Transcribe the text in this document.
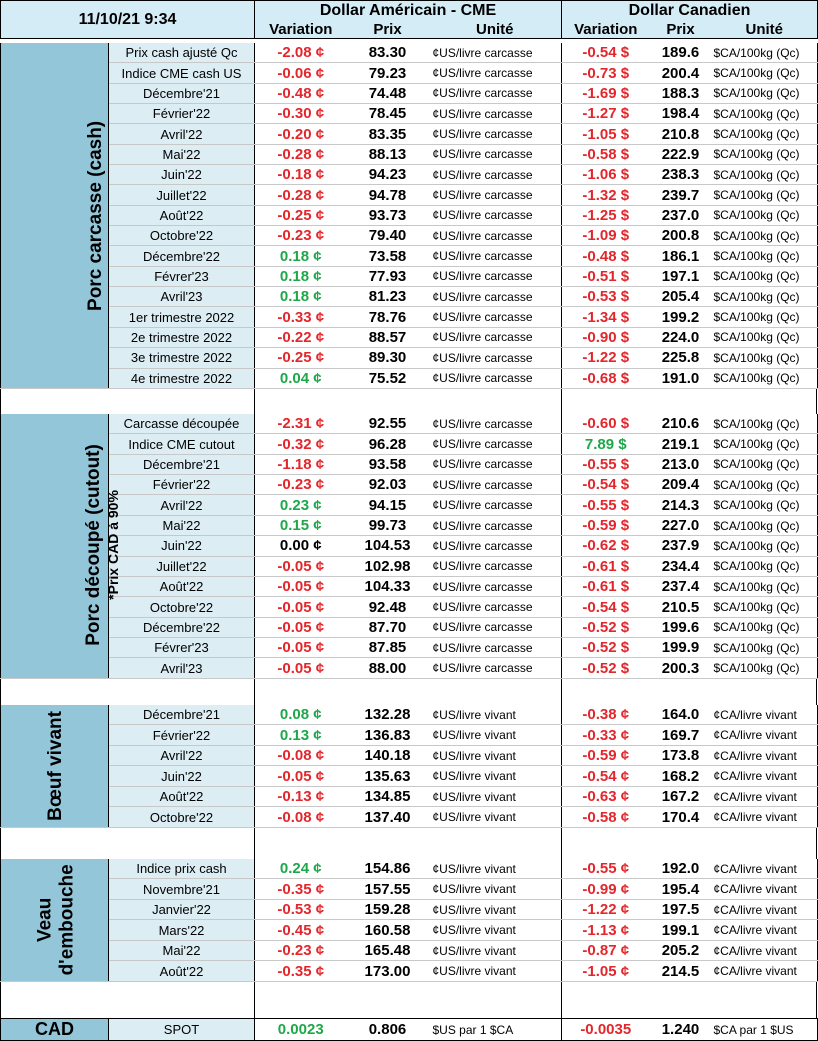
11/10/21 9:34	Dollar Américain - CME			Dollar Canadien		
	Variation	Prix	Unité	Variation	Prix	Unité
Porc carcasse (cash)	Prix cash ajusté Qc	-2.08 ¢	83.30	¢US/livre carcasse	-0.54 $	189.6	$CA/100kg (Qc)
	Indice CME cash US	-0.06 ¢	79.23	¢US/livre carcasse	-0.73 $	200.4	$CA/100kg (Qc)
	Décembre'21	-0.48 ¢	74.48	¢US/livre carcasse	-1.69 $	188.3	$CA/100kg (Qc)
	Février'22	-0.30 ¢	78.45	¢US/livre carcasse	-1.27 $	198.4	$CA/100kg (Qc)
	Avril'22	-0.20 ¢	83.35	¢US/livre carcasse	-1.05 $	210.8	$CA/100kg (Qc)
	Mai'22	-0.28 ¢	88.13	¢US/livre carcasse	-0.58 $	222.9	$CA/100kg (Qc)
	Juin'22	-0.18 ¢	94.23	¢US/livre carcasse	-1.06 $	238.3	$CA/100kg (Qc)
	Juillet'22	-0.28 ¢	94.78	¢US/livre carcasse	-1.32 $	239.7	$CA/100kg (Qc)
	Août'22	-0.25 ¢	93.73	¢US/livre carcasse	-1.25 $	237.0	$CA/100kg (Qc)
	Octobre'22	-0.23 ¢	79.40	¢US/livre carcasse	-1.09 $	200.8	$CA/100kg (Qc)
	Décembre'22	0.18 ¢	73.58	¢US/livre carcasse	-0.48 $	186.1	$CA/100kg (Qc)
	Févrer'23	0.18 ¢	77.93	¢US/livre carcasse	-0.51 $	197.1	$CA/100kg (Qc)
	Avril'23	0.18 ¢	81.23	¢US/livre carcasse	-0.53 $	205.4	$CA/100kg (Qc)
	1er trimestre 2022	-0.33 ¢	78.76	¢US/livre carcasse	-1.34 $	199.2	$CA/100kg (Qc)
	2e trimestre 2022	-0.22 ¢	88.57	¢US/livre carcasse	-0.90 $	224.0	$CA/100kg (Qc)
	3e trimestre 2022	-0.25 ¢	89.30	¢US/livre carcasse	-1.22 $	225.8	$CA/100kg (Qc)
	4e trimestre 2022	0.04 ¢	75.52	¢US/livre carcasse	-0.68 $	191.0	$CA/100kg (Qc)
Porc découpé (cutout) *Prix CAD à 90%	Carcasse découpée	-2.31 ¢	92.55	¢US/livre carcasse	-0.60 $	210.6	$CA/100kg (Qc)
	Indice CME cutout	-0.32 ¢	96.28	¢US/livre carcasse	7.89 $	219.1	$CA/100kg (Qc)
	Décembre'21	-1.18 ¢	93.58	¢US/livre carcasse	-0.55 $	213.0	$CA/100kg (Qc)
	Février'22	-0.23 ¢	92.03	¢US/livre carcasse	-0.54 $	209.4	$CA/100kg (Qc)
	Avril'22	0.23 ¢	94.15	¢US/livre carcasse	-0.55 $	214.3	$CA/100kg (Qc)
	Mai'22	0.15 ¢	99.73	¢US/livre carcasse	-0.59 $	227.0	$CA/100kg (Qc)
	Juin'22	0.00 ¢	104.53	¢US/livre carcasse	-0.62 $	237.9	$CA/100kg (Qc)
	Juillet'22	-0.05 ¢	102.98	¢US/livre carcasse	-0.61 $	234.4	$CA/100kg (Qc)
	Août'22	-0.05 ¢	104.33	¢US/livre carcasse	-0.61 $	237.4	$CA/100kg (Qc)
	Octobre'22	-0.05 ¢	92.48	¢US/livre carcasse	-0.54 $	210.5	$CA/100kg (Qc)
	Décembre'22	-0.05 ¢	87.70	¢US/livre carcasse	-0.52 $	199.6	$CA/100kg (Qc)
	Févrer'23	-0.05 ¢	87.85	¢US/livre carcasse	-0.52 $	199.9	$CA/100kg (Qc)
	Avril'23	-0.05 ¢	88.00	¢US/livre carcasse	-0.52 $	200.3	$CA/100kg (Qc)
Bœuf vivant	Décembre'21	0.08 ¢	132.28	¢US/livre vivant	-0.38 ¢	164.0	¢CA/livre vivant
	Février'22	0.13 ¢	136.83	¢US/livre vivant	-0.33 ¢	169.7	¢CA/livre vivant
	Avril'22	-0.08 ¢	140.18	¢US/livre vivant	-0.59 ¢	173.8	¢CA/livre vivant
	Juin'22	-0.05 ¢	135.63	¢US/livre vivant	-0.54 ¢	168.2	¢CA/livre vivant
	Août'22	-0.13 ¢	134.85	¢US/livre vivant	-0.63 ¢	167.2	¢CA/livre vivant
	Octobre'22	-0.08 ¢	137.40	¢US/livre vivant	-0.58 ¢	170.4	¢CA/livre vivant
Veau d'embouche	Indice prix cash	0.24 ¢	154.86	¢US/livre vivant	-0.55 ¢	192.0	¢CA/livre vivant
	Novembre'21	-0.35 ¢	157.55	¢US/livre vivant	-0.99 ¢	195.4	¢CA/livre vivant
	Janvier'22	-0.53 ¢	159.28	¢US/livre vivant	-1.22 ¢	197.5	¢CA/livre vivant
	Mars'22	-0.45 ¢	160.58	¢US/livre vivant	-1.13 ¢	199.1	¢CA/livre vivant
	Mai'22	-0.23 ¢	165.48	¢US/livre vivant	-0.87 ¢	205.2	¢CA/livre vivant
	Août'22	-0.35 ¢	173.00	¢US/livre vivant	-1.05 ¢	214.5	¢CA/livre vivant
CAD	SPOT	0.0023	0.806	$US par 1 $CA	-0.0035	1.240	$CA par 1 $US
